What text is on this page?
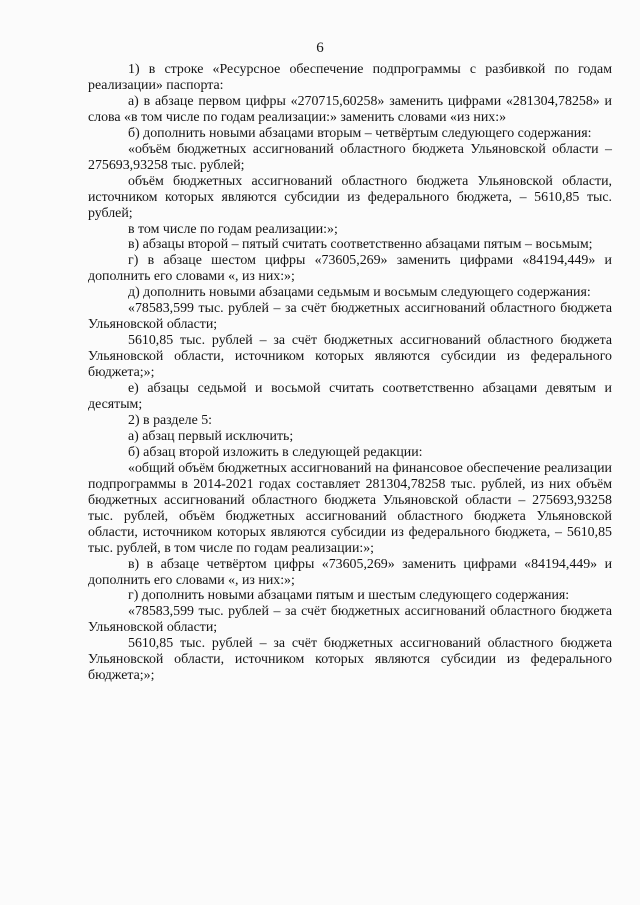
6

1) в строке «Ресурсное обеспечение подпрограммы с разбивкой по годам реализации» паспорта:

а) в абзаце первом цифры «270715,60258» заменить цифрами «281304,78258» и слова «в том числе по годам реализации:» заменить словами «из них:»

б) дополнить новыми абзацами вторым – четвёртым следующего содержания:

«объём бюджетных ассигнований областного бюджета Ульяновской области – 275693,93258 тыс. рублей;

объём бюджетных ассигнований областного бюджета Ульяновской области, источником которых являются субсидии из федерального бюджета, – 5610,85 тыс. рублей;

в том числе по годам реализации:»;

в) абзацы второй – пятый считать соответственно абзацами пятым – восьмым;

г) в абзаце шестом цифры «73605,269» заменить цифрами «84194,449» и дополнить его словами «, из них:»;

д) дополнить новыми абзацами седьмым и восьмым следующего содержания:

«78583,599 тыс. рублей – за счёт бюджетных ассигнований областного бюджета Ульяновской области;

5610,85 тыс. рублей – за счёт бюджетных ассигнований областного бюджета Ульяновской области, источником которых являются субсидии из федерального бюджета;»;

е) абзацы седьмой и восьмой считать соответственно абзацами девятым и десятым;

2) в разделе 5:

а) абзац первый исключить;

б) абзац второй изложить в следующей редакции:

«общий объём бюджетных ассигнований на финансовое обеспечение реализации подпрограммы в 2014-2021 годах составляет 281304,78258 тыс. рублей, из них объём бюджетных ассигнований областного бюджета Ульяновской области – 275693,93258 тыс. рублей, объём бюджетных ассигнований областного бюджета Ульяновской области, источником которых являются субсидии из федерального бюджета, – 5610,85 тыс. рублей, в том числе по годам реализации:»;

в) в абзаце четвёртом цифры «73605,269» заменить цифрами «84194,449» и дополнить его словами «, из них:»;

г) дополнить новыми абзацами пятым и шестым следующего содержания:

«78583,599 тыс. рублей – за счёт бюджетных ассигнований областного бюджета Ульяновской области;

5610,85 тыс. рублей – за счёт бюджетных ассигнований областного бюджета Ульяновской области, источником которых являются субсидии из федерального бюджета;»;
